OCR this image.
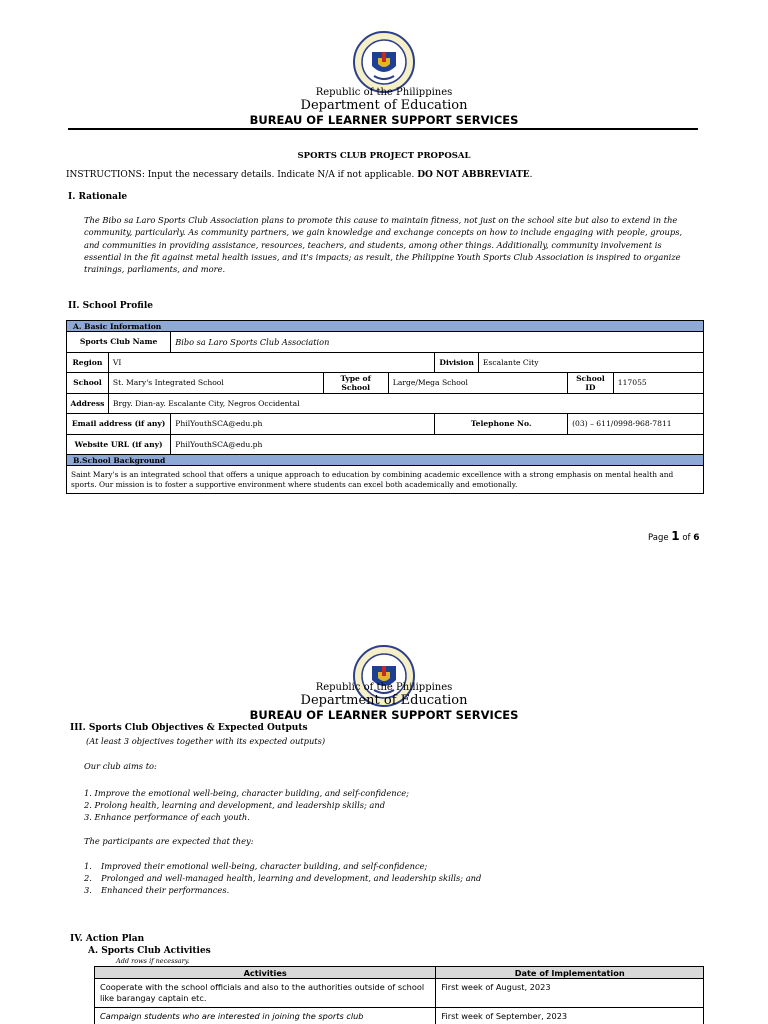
Republic of the Philippines
Department of Education
BUREAU OF LEARNER SUPPORT SERVICES
SPORTS CLUB PROJECT PROPOSAL
INSTRUCTIONS: Input the necessary details. Indicate N/A if not applicable. DO NOT ABBREVIATE.
I. Rationale
The Bibo sa Laro Sports Club Association plans to promote this cause to maintain fitness, not just on the school site but also to extend in the community, particularly. As community partners, we gain knowledge and exchange concepts on how to include engaging with people, groups, and communities in providing assistance, resources, teachers, and students, among other things. Additionally, community involvement is essential in the fit against metal health issues, and it's impacts; as result, the Philippine Youth Sports Club Association is inspired to organize trainings, parliaments, and more.
II. School Profile
A. Basic Information								
Sports Club Name		Bibo sa Laro Sports Club Association						
Region	VI				Division	Escalante City		
School	St. Mary's Integrated School		Type of School	Large/Mega School			School ID	117055
Address	Brgy. Dian-ay. Escalante City, Negros Occidental							
Email address (if any)		PhilYouthSCA@edu.ph			Telephone No.		(03) – 611/0998-968-7811	
Website URL (if any)		PhilYouthSCA@edu.ph						
B.School Background								
Saint Mary's is an integrated school that offers a unique approach to education by combining academic excellence with a strong emphasis on mental health and sports. Our mission is to foster a supportive environment where students can excel both academically and emotionally.								
Page 1 of 6
Republic of the Philippines
Department of Education
BUREAU OF LEARNER SUPPORT SERVICES
III. Sports Club Objectives & Expected Outputs
(At least 3 objectives together with its expected outputs)
Our club aims to:
1. Improve the emotional well-being, character building, and self-confidence;
2. Prolong health, learning and development, and leadership skills; and
3. Enhance performance of each youth.
The participants are expected that they:
1. Improved their emotional well-being, character building, and self-confidence;
2. Prolonged and well-managed health, learning and development, and leadership skills; and
3. Enhanced their performances.
IV. Action Plan
A. Sports Club Activities
Add rows if necessary.
Activities	Date of Implementation
Cooperate with the school officials and also to the authorities outside of school like barangay captain etc.	First week of August, 2023
Campaign students who are interested in joining the sports club	First week of September, 2023
